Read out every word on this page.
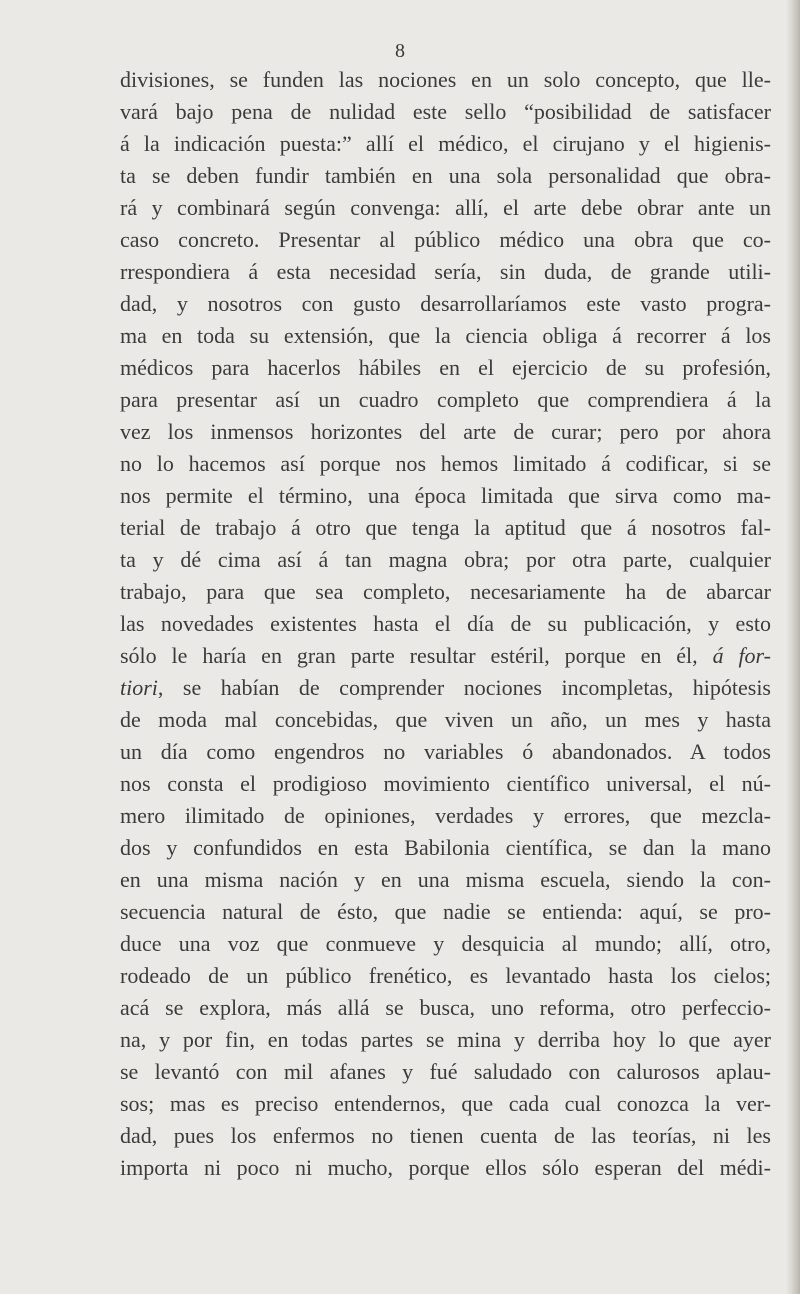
8
divisiones, se funden las nociones en un solo concepto, que lle-
vará bajo pena de nulidad este sello “posibilidad de satisfacer
á la indicación puesta:” allí el médico, el cirujano y el higienis-
ta se deben fundir también en una sola personalidad que obra-
rá y combinará según convenga: allí, el arte debe obrar ante un
caso concreto. Presentar al público médico una obra que co-
rrespondiera á esta necesidad sería, sin duda, de grande utili-
dad, y nosotros con gusto desarrollaríamos este vasto progra-
ma en toda su extensión, que la ciencia obliga á recorrer á los
médicos para hacerlos hábiles en el ejercicio de su profesión,
para presentar así un cuadro completo que comprendiera á la
vez los inmensos horizontes del arte de curar; pero por ahora
no lo hacemos así porque nos hemos limitado á codificar, si se
nos permite el término, una época limitada que sirva como ma-
terial de trabajo á otro que tenga la aptitud que á nosotros fal-
ta y dé cima así á tan magna obra; por otra parte, cualquier
trabajo, para que sea completo, necesariamente ha de abarcar
las novedades existentes hasta el día de su publicación, y esto
sólo le haría en gran parte resultar estéril, porque en él, á for-
tiori, se habían de comprender nociones incompletas, hipótesis
de moda mal concebidas, que viven un año, un mes y hasta
un día como engendros no variables ó abandonados. A todos
nos consta el prodigioso movimiento científico universal, el nú-
mero ilimitado de opiniones, verdades y errores, que mezcla-
dos y confundidos en esta Babilonia científica, se dan la mano
en una misma nación y en una misma escuela, siendo la con-
secuencia natural de ésto, que nadie se entienda: aquí, se pro-
duce una voz que conmueve y desquicia al mundo; allí, otro,
rodeado de un público frenético, es levantado hasta los cielos;
acá se explora, más allá se busca, uno reforma, otro perfeccio-
na, y por fin, en todas partes se mina y derriba hoy lo que ayer
se levantó con mil afanes y fué saludado con calurosos aplau-
sos; mas es preciso entendernos, que cada cual conozca la ver-
dad, pues los enfermos no tienen cuenta de las teorías, ni les
importa ni poco ni mucho, porque ellos sólo esperan del médi-
